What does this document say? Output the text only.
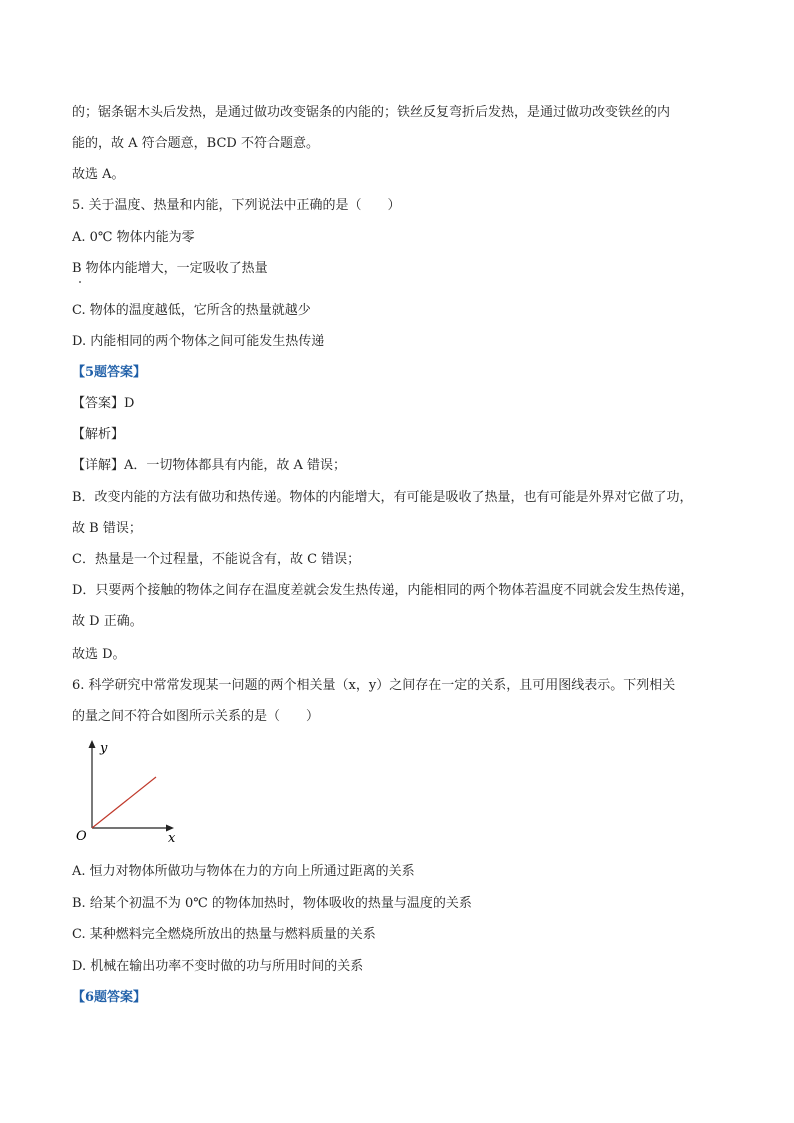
的；锯条锯木头后发热，是通过做功改变锯条的内能的；铁丝反复弯折后发热，是通过做功改变铁丝的内
能的，故 A 符合题意，BCD 不符合题意。
故选 A。
5. 关于温度、热量和内能，下列说法中正确的是（　　）
A. 0℃ 物体内能为零
B 物体内能增大，一定吸收了热量
C. 物体的温度越低，它所含的热量就越少
D. 内能相同的两个物体之间可能发生热传递
【5题答案】
【答案】D
【解析】
【详解】A．一切物体都具有内能，故 A 错误；
B．改变内能的方法有做功和热传递。物体的内能增大，有可能是吸收了热量，也有可能是外界对它做了功，
故 B 错误；
C．热量是一个过程量，不能说含有，故 C 错误；
D．只要两个接触的物体之间存在温度差就会发生热传递，内能相同的两个物体若温度不同就会发生热传递，
故 D 正确。
故选 D。
6. 科学研究中常常发现某一问题的两个相关量（x，y）之间存在一定的关系，且可用图线表示。下列相关
的量之间不符合如图所示关系的是（　　）
y
x
O
A. 恒力对物体所做功与物体在力的方向上所通过距离的关系
B. 给某个初温不为 0℃ 的物体加热时，物体吸收的热量与温度的关系
C. 某种燃料完全燃烧所放出的热量与燃料质量的关系
D. 机械在输出功率不变时做的功与所用时间的关系
【6题答案】
